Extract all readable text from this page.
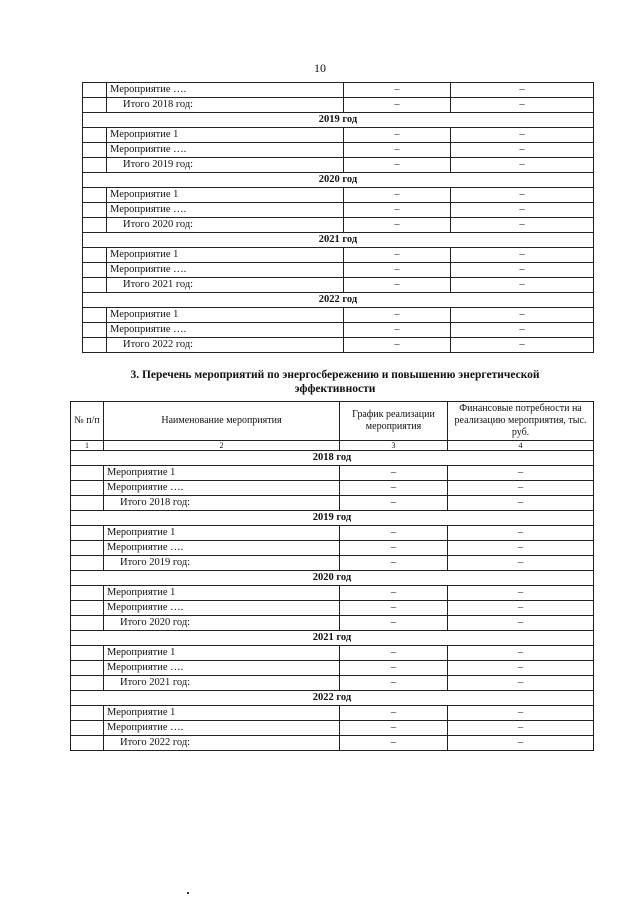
10
	Мероприятие ….	–	–
	Итого 2018 год:	–	–
2019 год			
	Мероприятие 1	–	–
	Мероприятие ….	–	–
	Итого 2019 год:	–	–
2020 год			
	Мероприятие 1	–	–
	Мероприятие ….	–	–
	Итого 2020 год:	–	–
2021 год			
	Мероприятие 1	–	–
	Мероприятие ….	–	–
	Итого 2021 год:	–	–
2022 год			
	Мероприятие 1	–	–
	Мероприятие ….	–	–
	Итого 2022 год:	–	–
3. Перечень мероприятий по энергосбережению и повышению энергетической эффективности
№ п/п	Наименование мероприятия	График реализации мероприятия	Финансовые потребности на реализацию мероприятия, тыс. руб.
1	2	3	4
2018 год			
	Мероприятие 1	–	–
	Мероприятие ….	–	–
	Итого 2018 год:	–	–
2019 год			
	Мероприятие 1	–	–
	Мероприятие ….	–	–
	Итого 2019 год:	–	–
2020 год			
	Мероприятие 1	–	–
	Мероприятие ….	–	–
	Итого 2020 год:	–	–
2021 год			
	Мероприятие 1	–	–
	Мероприятие ….	–	–
	Итого 2021 год:	–	–
2022 год			
	Мероприятие 1	–	–
	Мероприятие ….	–	–
	Итого 2022 год:	–	–
